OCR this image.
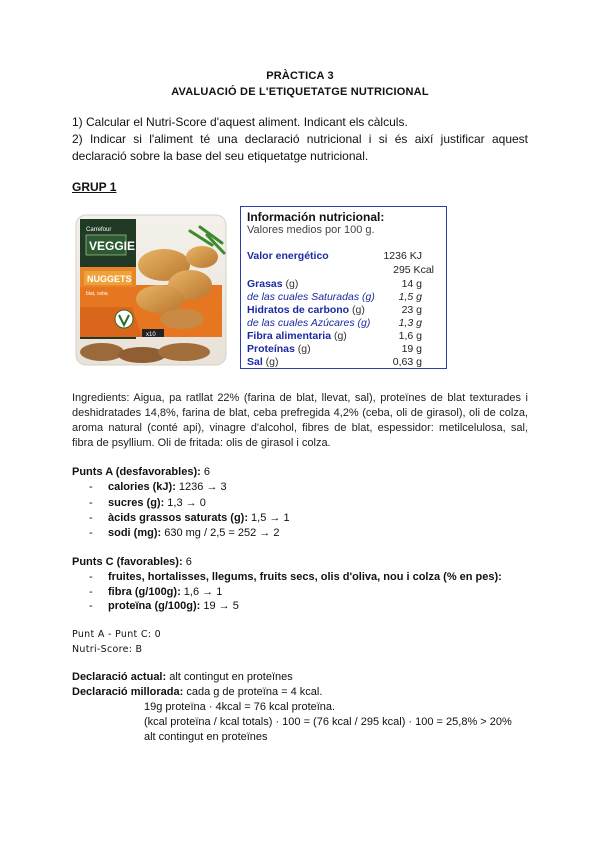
PRÀCTICA 3
AVALUACIÓ DE L'ETIQUETATGE NUTRICIONAL
1) Calcular el Nutri-Score d'aquest aliment. Indicant els càlculs.
2) Indicar si l'aliment té una declaració nutricional i si és així justificar aquest declaració sobre la base del seu etiquetatge nutricional.
GRUP 1
Carrefour
VEGGIE
NUGGETS
blat, ceba
x10
Información nutricional:
Valores medios por 100 g.
Valor energético	1236 KJ
295 Kcal
Grasas (g)	14 g
de las cuales Saturadas (g) 1,5 g
Hidratos de carbono (g)	23 g
de las cuales Azúcares (g)	1,3 g
Fibra alimentaria (g)	1,6 g
Proteínas (g)	19 g
Sal (g)	0,63 g
Ingredients: Aigua, pa ratllat 22% (farina de blat, llevat, sal), proteïnes de blat texturades i deshidratades 14,8%, farina de blat, ceba prefregida 4,2% (ceba, oli de girasol), oli de colza, aroma natural (conté api), vinagre d'alcohol, fibres de blat, espessidor: metilcelulosa, sal, fibra de psyllium. Oli de fritada: olis de girasol i colza.
Punts A (desfavorables): 6
- calories (kJ): 1236 → 3
- sucres (g): 1,3 → 0
- àcids grassos saturats (g): 1,5 → 1
- sodi (mg): 630 mg / 2,5 = 252 → 2
Punts C (favorables): 6
- fruites, hortalisses, llegums, fruits secs, olis d'oliva, nou i colza (% en pes):
- fibra (g/100g): 1,6 → 1
- proteïna (g/100g): 19 → 5
Punt A - Punt C: 0
Nutri-Score: B
Declaració actual: alt contingut en proteïnes
Declaració millorada: cada g de proteïna = 4 kcal.
19g proteïna · 4kcal = 76 kcal proteïna.
(kcal proteïna / kcal totals) · 100 = (76 kcal / 295 kcal) · 100 = 25,8% > 20%
alt contingut en proteïnes
